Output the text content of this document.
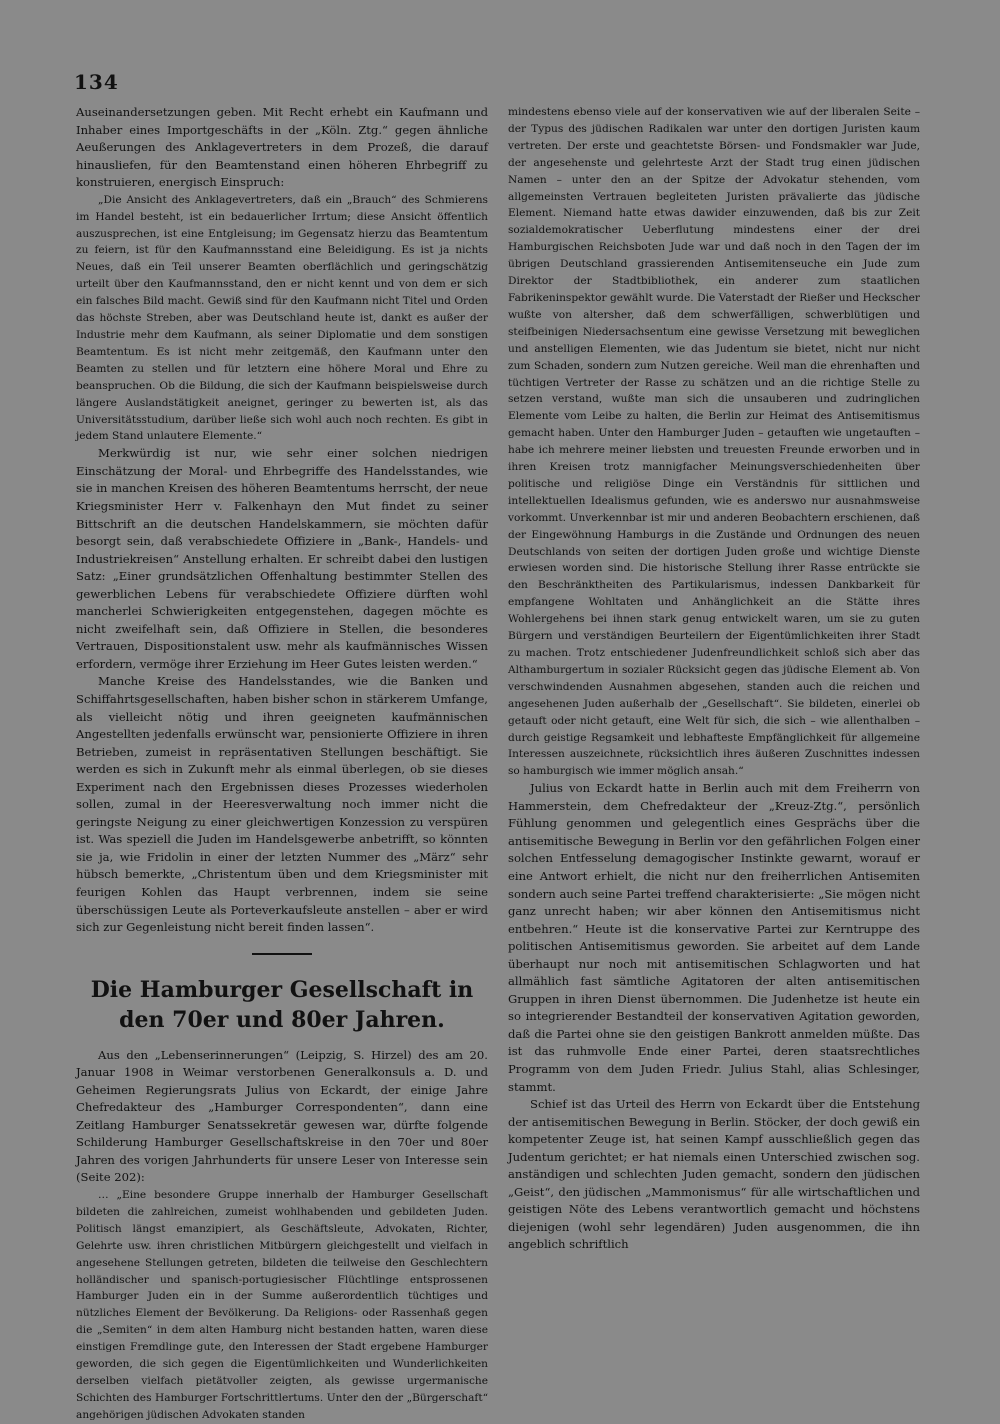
134

Auseinandersetzungen geben. Mit Recht erhebt ein Kaufmann und Inhaber eines Importgeschäfts in der „Köln. Ztg.“ gegen ähnliche Aeußerungen des Anklagevertreters in dem Prozeß, die darauf hinausliefen, für den Beamtenstand einen höheren Ehrbegriff zu konstruieren, energisch Einspruch:

„Die Ansicht des Anklagevertreters, daß ein „Brauch“ des Schmierens im Handel besteht, ist ein bedauerlicher Irrtum; diese Ansicht öffentlich auszusprechen, ist eine Entgleisung; im Gegensatz hierzu das Beamtentum zu feiern, ist für den Kaufmannsstand eine Beleidigung. Es ist ja nichts Neues, daß ein Teil unserer Beamten oberflächlich und geringschätzig urteilt über den Kaufmannsstand, den er nicht kennt und von dem er sich ein falsches Bild macht. Gewiß sind für den Kaufmann nicht Titel und Orden das höchste Streben, aber was Deutschland heute ist, dankt es außer der Industrie mehr dem Kaufmann, als seiner Diplomatie und dem sonstigen Beamtentum. Es ist nicht mehr zeitgemäß, den Kaufmann unter den Beamten zu stellen und für letztern eine höhere Moral und Ehre zu beanspruchen. Ob die Bildung, die sich der Kaufmann beispielsweise durch längere Auslandstätigkeit aneignet, geringer zu bewerten ist, als das Universitätsstudium, darüber ließe sich wohl auch noch rechten. Es gibt in jedem Stand unlautere Elemente.“

Merkwürdig ist nur, wie sehr einer solchen niedrigen Einschätzung der Moral- und Ehrbegriffe des Handelsstandes, wie sie in manchen Kreisen des höheren Beamtentums herrscht, der neue Kriegsminister Herr v. Falkenhayn den Mut findet zu seiner Bittschrift an die deutschen Handelskammern, sie möchten dafür besorgt sein, daß verabschiedete Offiziere in „Bank-, Handels- und Industriekreisen“ Anstellung erhalten. Er schreibt dabei den lustigen Satz: „Einer grundsätzlichen Offenhaltung bestimmter Stellen des gewerblichen Lebens für verabschiedete Offiziere dürften wohl mancherlei Schwierigkeiten entgegenstehen, dagegen möchte es nicht zweifelhaft sein, daß Offiziere in Stellen, die besonderes Vertrauen, Dispositionstalent usw. mehr als kaufmännisches Wissen erfordern, vermöge ihrer Erziehung im Heer Gutes leisten werden.“

Manche Kreise des Handelsstandes, wie die Banken und Schiffahrtsgesellschaften, haben bisher schon in stärkerem Umfange, als vielleicht nötig und ihren geeigneten kaufmännischen Angestellten jedenfalls erwünscht war, pensionierte Offiziere in ihren Betrieben, zumeist in repräsentativen Stellungen beschäftigt. Sie werden es sich in Zukunft mehr als einmal überlegen, ob sie dieses Experiment nach den Ergebnissen dieses Prozesses wiederholen sollen, zumal in der Heeresverwaltung noch immer nicht die geringste Neigung zu einer gleichwertigen Konzession zu verspüren ist. Was speziell die Juden im Handelsgewerbe anbetrifft, so könnten sie ja, wie Fridolin in einer der letzten Nummer des „März“ sehr hübsch bemerkte, „Christentum üben und dem Kriegsminister mit feurigen Kohlen das Haupt verbrennen, indem sie seine überschüssigen Leute als Porteverkaufsleute anstellen – aber er wird sich zur Gegenleistung nicht bereit finden lassen“.

Die Hamburger Gesellschaft in den 70er und 80er Jahren.

Aus den „Lebenserinnerungen“ (Leipzig, S. Hirzel) des am 20. Januar 1908 in Weimar verstorbenen Generalkonsuls a. D. und Geheimen Regierungsrats Julius von Eckardt, der einige Jahre Chefredakteur des „Hamburger Correspondenten“, dann eine Zeitlang Hamburger Senatssekretär gewesen war, dürfte folgende Schilderung Hamburger Gesellschaftskreise in den 70er und 80er Jahren des vorigen Jahrhunderts für unsere Leser von Interesse sein (Seite 202):

… „Eine besondere Gruppe innerhalb der Hamburger Gesellschaft bildeten die zahlreichen, zumeist wohlhabenden und gebildeten Juden. Politisch längst emanzipiert, als Geschäftsleute, Advokaten, Richter, Gelehrte usw. ihren christlichen Mitbürgern gleichgestellt und vielfach in angesehene Stellungen getreten, bildeten die teilweise den Geschlechtern holländischer und spanisch-portugiesischer Flüchtlinge entsprossenen Hamburger Juden ein in der Summe außerordentlich tüchtiges und nützliches Element der Bevölkerung. Da Religions- oder Rassenhaß gegen die „Semiten“ in dem alten Hamburg nicht bestanden hatten, waren diese einstigen Fremdlinge gute, den Interessen der Stadt ergebene Hamburger geworden, die sich gegen die Eigentümlichkeiten und Wunderlichkeiten derselben vielfach pietätvoller zeigten, als gewisse urgermanische Schichten des Hamburger Fortschrittlertums. Unter den der „Bürgerschaft“ angehörigen jüdischen Advokaten standen

mindestens ebenso viele auf der konservativen wie auf der liberalen Seite – der Typus des jüdischen Radikalen war unter den dortigen Juristen kaum vertreten. Der erste und geachtetste Börsen- und Fondsmakler war Jude, der angesehenste und gelehrteste Arzt der Stadt trug einen jüdischen Namen – unter den an der Spitze der Advokatur stehenden, vom allgemeinsten Vertrauen begleiteten Juristen prävalierte das jüdische Element. Niemand hatte etwas dawider einzuwenden, daß bis zur Zeit sozialdemokratischer Ueberflutung mindestens einer der drei Hamburgischen Reichsboten Jude war und daß noch in den Tagen der im übrigen Deutschland grassierenden Antisemitenseuche ein Jude zum Direktor der Stadtbibliothek, ein anderer zum staatlichen Fabrikeninspektor gewählt wurde. Die Vaterstadt der Rießer und Heckscher wußte von altersher, daß dem schwerfälligen, schwerblütigen und steifbeinigen Niedersachsentum eine gewisse Versetzung mit beweglichen und anstelligen Elementen, wie das Judentum sie bietet, nicht nur nicht zum Schaden, sondern zum Nutzen gereiche. Weil man die ehrenhaften und tüchtigen Vertreter der Rasse zu schätzen und an die richtige Stelle zu setzen verstand, wußte man sich die unsauberen und zudringlichen Elemente vom Leibe zu halten, die Berlin zur Heimat des Antisemitismus gemacht haben. Unter den Hamburger Juden – getauften wie ungetauften – habe ich mehrere meiner liebsten und treuesten Freunde erworben und in ihren Kreisen trotz mannigfacher Meinungsverschiedenheiten über politische und religiöse Dinge ein Verständnis für sittlichen und intellektuellen Idealismus gefunden, wie es anderswo nur ausnahmsweise vorkommt. Unverkennbar ist mir und anderen Beobachtern erschienen, daß der Eingewöhnung Hamburgs in die Zustände und Ordnungen des neuen Deutschlands von seiten der dortigen Juden große und wichtige Dienste erwiesen worden sind. Die historische Stellung ihrer Rasse entrückte sie den Beschränktheiten des Partikularismus, indessen Dankbarkeit für empfangene Wohltaten und Anhänglichkeit an die Stätte ihres Wohlergehens bei ihnen stark genug entwickelt waren, um sie zu guten Bürgern und verständigen Beurteilern der Eigentümlichkeiten ihrer Stadt zu machen. Trotz entschiedener Judenfreundlichkeit schloß sich aber das Althamburgertum in sozialer Rücksicht gegen das jüdische Element ab. Von verschwindenden Ausnahmen abgesehen, standen auch die reichen und angesehenen Juden außerhalb der „Gesellschaft“. Sie bildeten, einerlei ob getauft oder nicht getauft, eine Welt für sich, die sich – wie allenthalben – durch geistige Regsamkeit und lebhafteste Empfänglichkeit für allgemeine Interessen auszeichnete, rücksichtlich ihres äußeren Zuschnittes indessen so hamburgisch wie immer möglich ansah.“

Julius von Eckardt hatte in Berlin auch mit dem Freiherrn von Hammerstein, dem Chefredakteur der „Kreuz-Ztg.“, persönlich Fühlung genommen und gelegentlich eines Gesprächs über die antisemitische Bewegung in Berlin vor den gefährlichen Folgen einer solchen Entfesselung demagogischer Instinkte gewarnt, worauf er eine Antwort erhielt, die nicht nur den freiherrlichen Antisemiten sondern auch seine Partei treffend charakterisierte: „Sie mögen nicht ganz unrecht haben; wir aber können den Antisemitismus nicht entbehren.“ Heute ist die konservative Partei zur Kerntruppe des politischen Antisemitismus geworden. Sie arbeitet auf dem Lande überhaupt nur noch mit antisemitischen Schlagworten und hat allmählich fast sämtliche Agitatoren der alten antisemitischen Gruppen in ihren Dienst übernommen. Die Judenhetze ist heute ein so integrierender Bestandteil der konservativen Agitation geworden, daß die Partei ohne sie den geistigen Bankrott anmelden müßte. Das ist das ruhmvolle Ende einer Partei, deren staatsrechtliches Programm von dem Juden Friedr. Julius Stahl, alias Schlesinger, stammt.

Schief ist das Urteil des Herrn von Eckardt über die Entstehung der antisemitischen Bewegung in Berlin. Stöcker, der doch gewiß ein kompetenter Zeuge ist, hat seinen Kampf ausschließlich gegen das Judentum gerichtet; er hat niemals einen Unterschied zwischen sog. anständigen und schlechten Juden gemacht, sondern den jüdischen „Geist“, den jüdischen „Mammonismus“ für alle wirtschaftlichen und geistigen Nöte des Lebens verantwortlich gemacht und höchstens diejenigen (wohl sehr legendären) Juden ausgenommen, die ihn angeblich schriftlich
